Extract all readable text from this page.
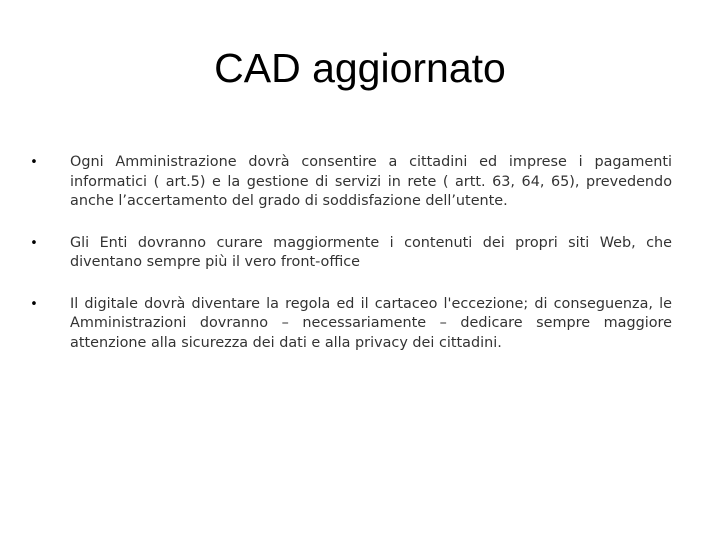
CAD aggiornato
• Ogni Amministrazione dovrà consentire a cittadini ed imprese i pagamenti informatici ( art.5) e la gestione di servizi in rete ( artt. 63, 64, 65), prevedendo anche l’accertamento del grado di soddisfazione dell’utente.
• Gli Enti dovranno curare maggiormente i contenuti dei propri siti Web, che diventano sempre più il vero front-office
• Il digitale dovrà diventare la regola ed il cartaceo l'eccezione; di conseguenza, le Amministrazioni dovranno – necessariamente – dedicare sempre maggiore attenzione alla sicurezza dei dati e alla privacy dei cittadini.
